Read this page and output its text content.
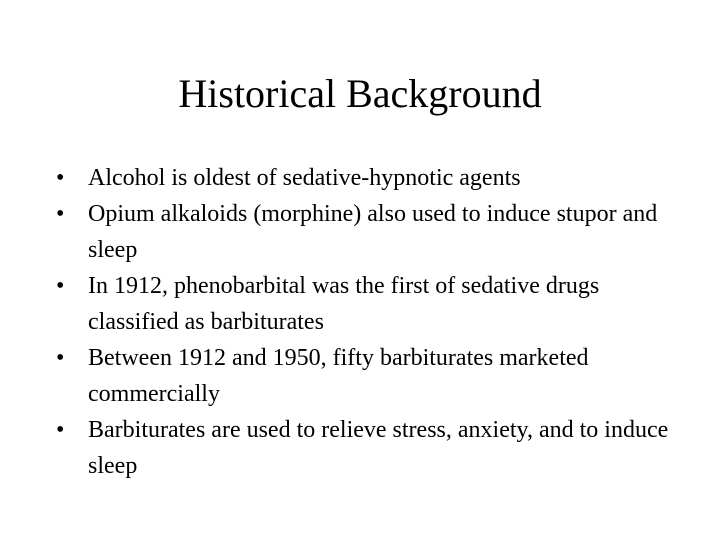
Historical Background
• Alcohol is oldest of sedative-hypnotic agents
• Opium alkaloids (morphine) also used to induce stupor and sleep
• In 1912, phenobarbital was the first of sedative drugs classified as barbiturates
• Between 1912 and 1950, fifty barbiturates marketed commercially
• Barbiturates are used to relieve stress, anxiety, and to induce sleep
